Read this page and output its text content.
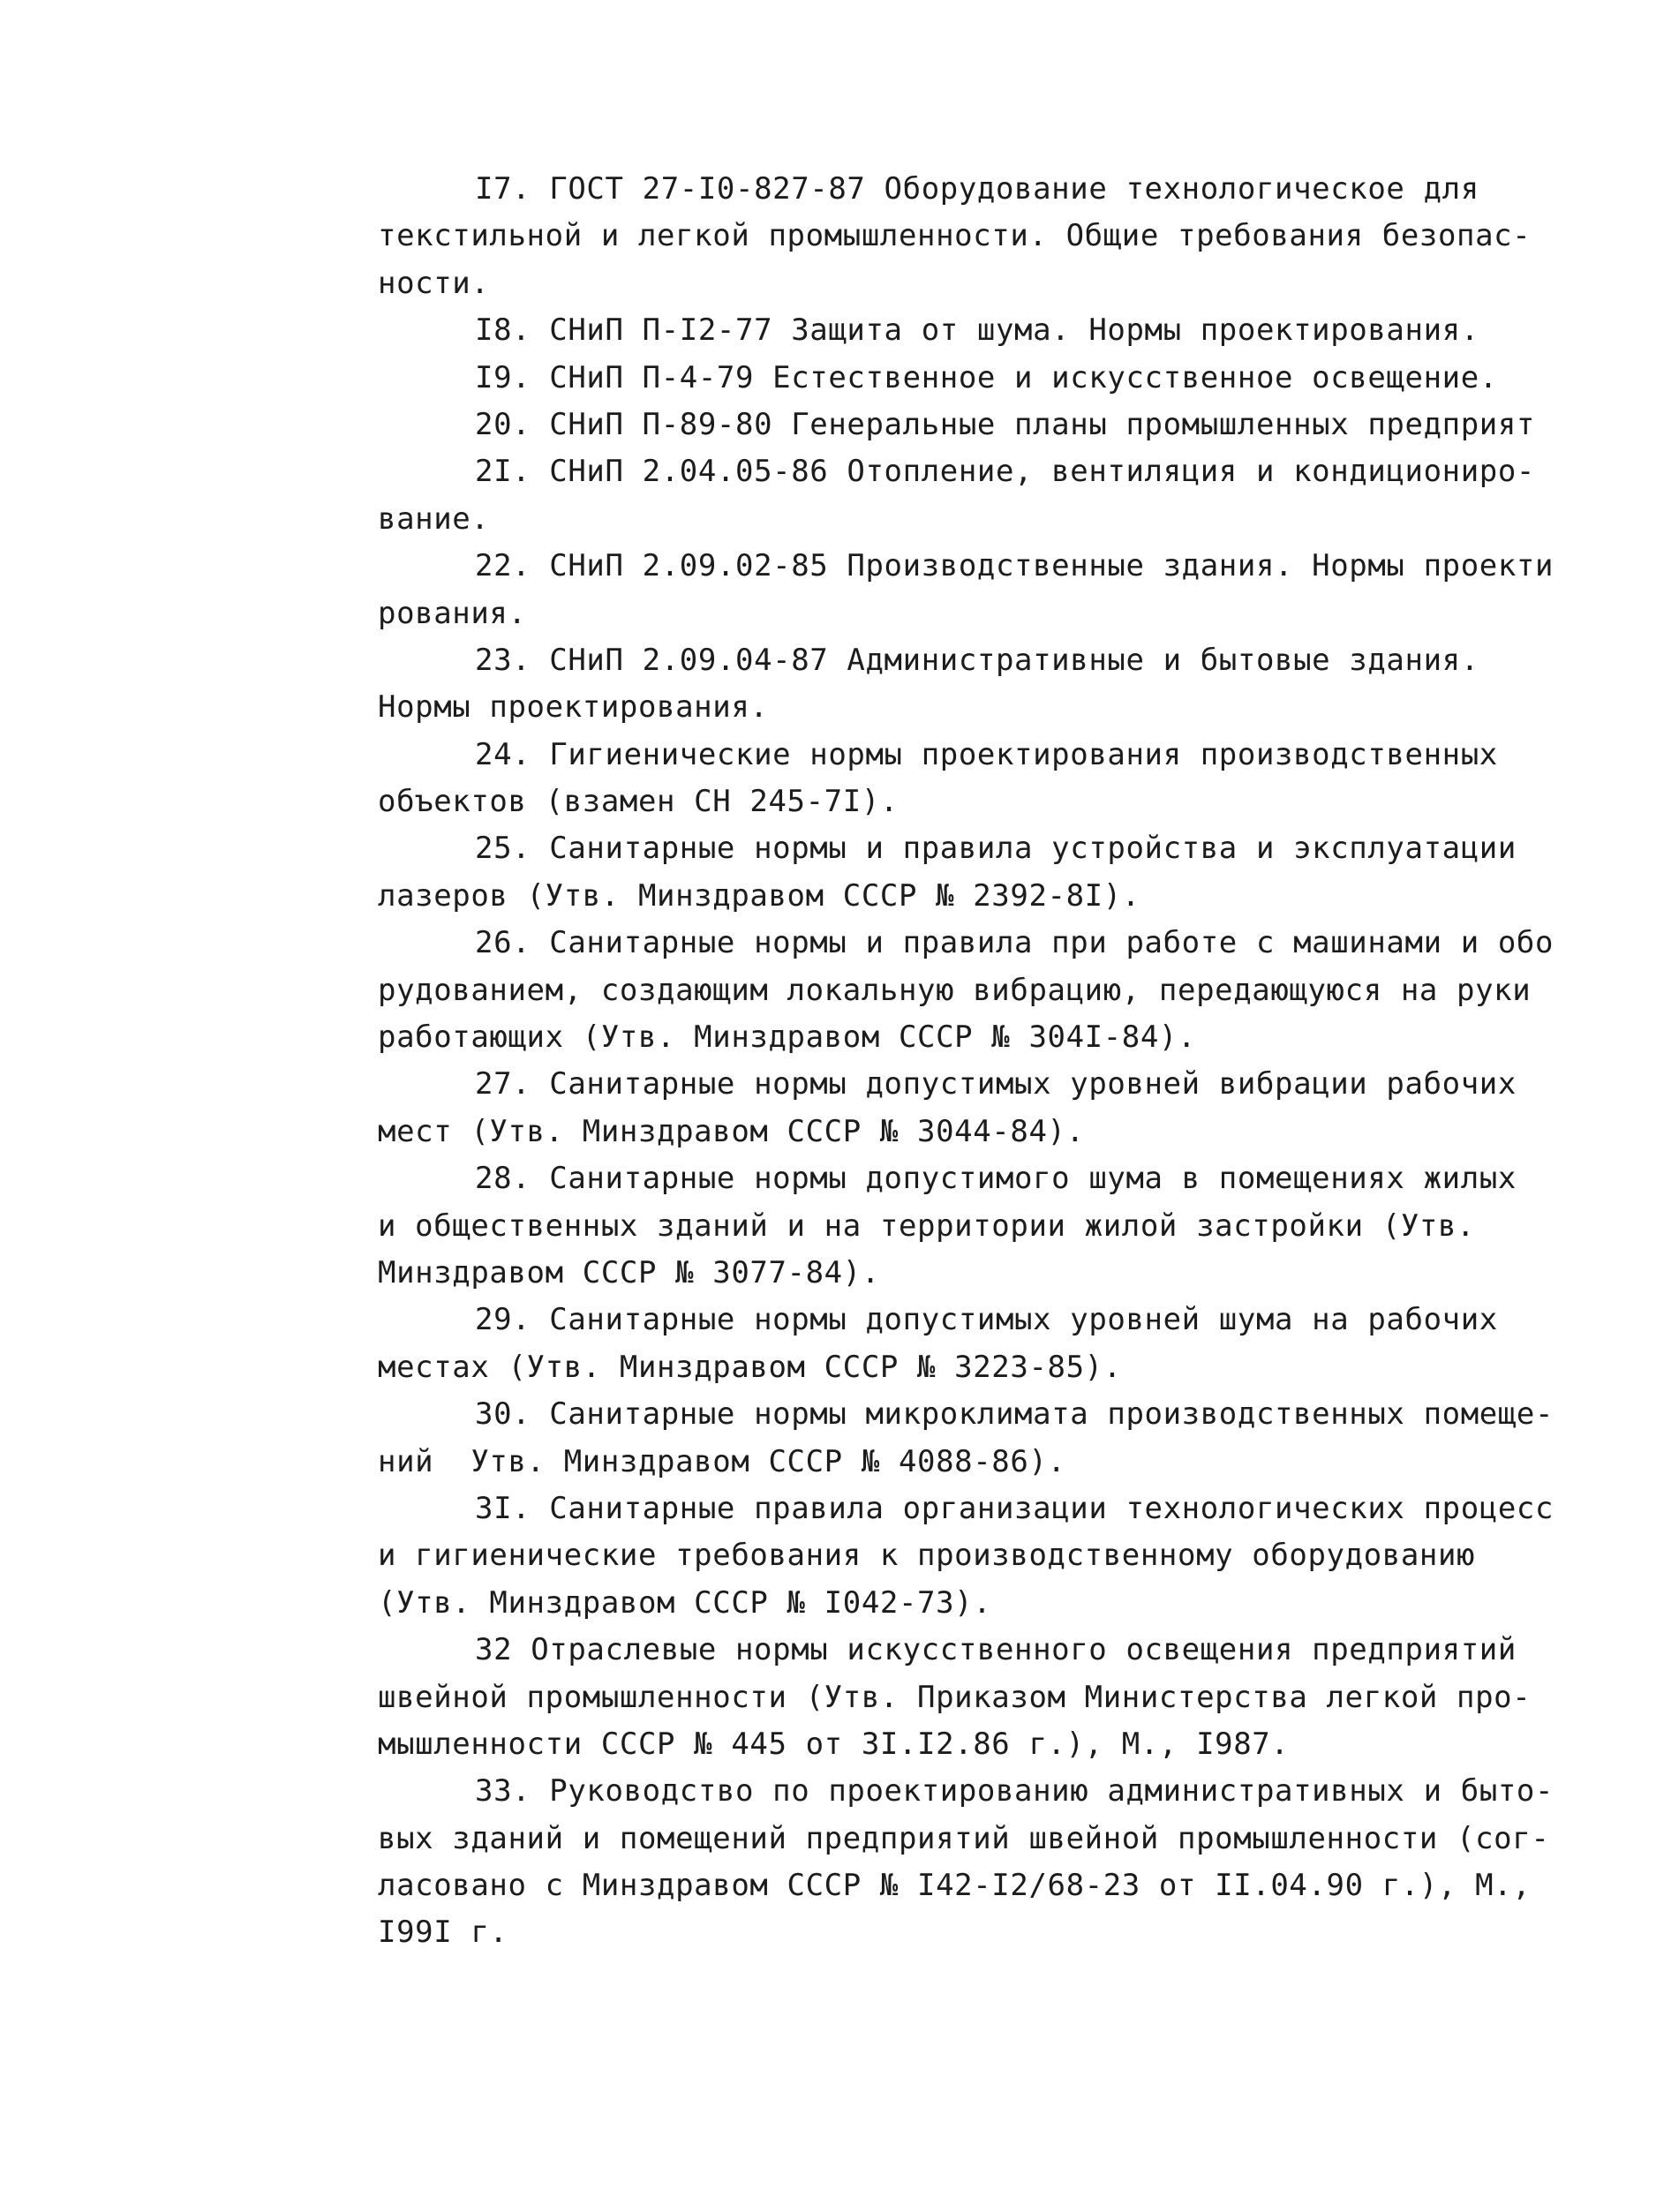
I7. ГОСТ 27-I0-827-87 Оборудование технологическое для
текстильной и легкой промышленности. Общие требования безопас-
ности.
I8. СНиП П-I2-77 Защита от шума. Нормы проектирования.
I9. СНиП П-4-79 Естественное и искусственное освещение.
20. СНиП П-89-80 Генеральные планы промышленных предприят
2I. СНиП 2.04.05-86 Отопление, вентиляция и кондициониро-
вание.
22. СНиП 2.09.02-85 Производственные здания. Нормы проекти
рования.
23. СНиП 2.09.04-87 Административные и бытовые здания.
Нормы проектирования.
24. Гигиенические нормы проектирования производственных
объектов (взамен СН 245-7I).
25. Санитарные нормы и правила устройства и эксплуатации
лазеров (Утв. Минздравом СССР № 2392-8I).
26. Санитарные нормы и правила при работе с машинами и обо
рудованием, создающим локальную вибрацию, передающуюся на руки
работающих (Утв. Минздравом СССР № 304I-84).
27. Санитарные нормы допустимых уровней вибрации рабочих
мест (Утв. Минздравом СССР № 3044-84).
28. Санитарные нормы допустимого шума в помещениях жилых
и общественных зданий и на территории жилой застройки (Утв.
Минздравом СССР № 3077-84).
29. Санитарные нормы допустимых уровней шума на рабочих
местах (Утв. Минздравом СССР № 3223-85).
30. Санитарные нормы микроклимата производственных помеще-
ний  Утв. Минздравом СССР № 4088-86).
3I. Санитарные правила организации технологических процесс
и гигиенические требования к производственному оборудованию
(Утв. Минздравом СССР № I042-73).
32 Отраслевые нормы искусственного освещения предприятий
швейной промышленности (Утв. Приказом Министерства легкой про-
мышленности СССР № 445 от 3I.I2.86 г.), М., I987.
33. Руководство по проектированию административных и быто-
вых зданий и помещений предприятий швейной промышленности (сог-
ласовано с Минздравом СССР № I42-I2/68-23 от II.04.90 г.), М.,
I99I г.
